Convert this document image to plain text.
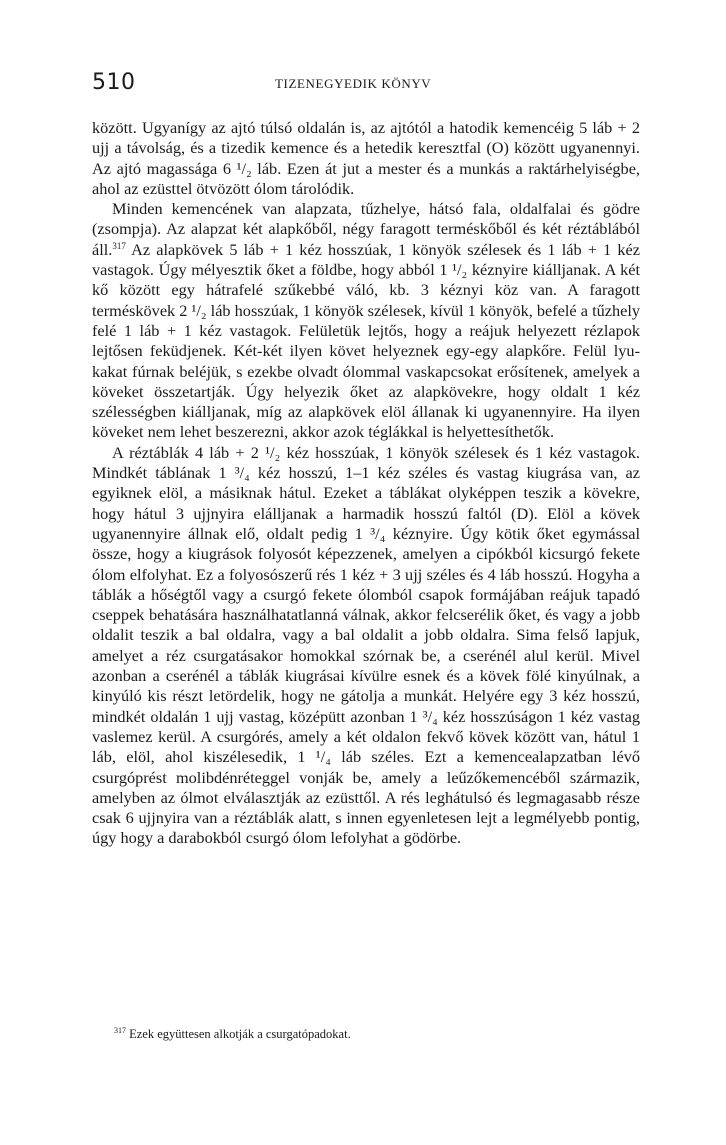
510	TIZENEGYEDIK KÖNYV

között. Ugyanígy az ajtó túlsó oldalán is, az ajtótól a hatodik kemencéig 5 láb + 2 ujj a távolság, és a tizedik kemence és a hetedik keresztfal (O) között ugyanennyi. Az ajtó magassága 6 ¹/₂ láb. Ezen át jut a mester és a munkás a raktárhelyiségbe, ahol az ezüsttel ötvözött ólom tárolódik.

Minden kemencének van alapzata, tűzhelye, hátsó fala, oldalfalai és gödre (zsompja). Az alapzat két alapkőből, négy faragott terméskőből és két réztáblából áll.$^{317}$ Az alapkövek 5 láb + 1 kéz hosszúak, 1 könyök szélesek és 1 láb + 1 kéz vastagok. Úgy mélyesztik őket a földbe, hogy abból 1 ¹/₂ kéznyire kiálljanak. A két kő között egy hátrafelé szűkebbé váló, kb. 3 kéznyi köz van. A faragott terméskövek 2 ¹/₂ láb hosszúak, 1 könyök szélesek, kívül 1 könyök, befelé a tűzhely felé 1 láb + 1 kéz vastagok. Felületük lejtős, hogy a reájuk helyezett rézlapok lejtősen feküdjenek. Két-két ilyen követ helyeznek egy-egy alapkőre. Felül lyukakat fúrnak beléjük, s ezekbe olvadt ólommal vaskapcsokat erősítenek, amelyek a köveket összetartják. Úgy helyezik őket az alapkövekre, hogy oldalt 1 kéz szélességben kiálljanak, míg az alapkövek elöl állanak ki ugyanennyire. Ha ilyen köveket nem lehet beszerezni, akkor azok téglákkal is helyettesíthetők.

A réztáblák 4 láb + 2 ¹/₂ kéz hosszúak, 1 könyök szélesek és 1 kéz vastagok. Mindkét táblának 1 ³/₄ kéz hosszú, 1–1 kéz széles és vastag kiugrása van, az egyiknek elöl, a másiknak hátul. Ezeket a táblákat olyképpen teszik a kövekre, hogy hátul 3 ujjnyira elálljanak a harmadik hosszú faltól (D). Elöl a kövek ugyanennyire állnak elő, oldalt pedig 1 ³/₄ kéznyire. Úgy kötik őket egymással össze, hogy a kiugrások folyosót képezzenek, amelyen a cipókból kicsurgó fekete ólom elfolyhat. Ez a folyosószerű rés 1 kéz + 3 ujj széles és 4 láb hosszú. Hogyha a táblák a hőségtől vagy a csurgó fekete ólomból csapok formájában reájuk tapadó cseppek behatására használhatatlanná válnak, akkor felcserélik őket, és vagy a jobb oldalit teszik a bal oldalra, vagy a bal oldalit a jobb oldalra. Sima felső lapjuk, amelyet a réz csurgatásakor homokkal szórnak be, a cserénél alul kerül. Mivel azonban a cserénél a táblák kiugrásai kívülre esnek és a kövek fölé kinyúlnak, a kinyúló kis részt letördelik, hogy ne gátolja a munkát. Helyére egy 3 kéz hosszú, mindkét oldalán 1 ujj vastag, középütt azonban 1 ³/₄ kéz hosszúságon 1 kéz vastag vaslemez kerül. A csurgórés, amely a két oldalon fekvő kövek között van, hátul 1 láb, elöl, ahol kiszélesedik, 1 ¹/₄ láb széles. Ezt a kemencealapzatban lévő csurgóprést molibdénréteggel vonják be, amely a leűzőkemencéből származik, amelyben az ólmot elválasztják az ezüsttől. A rés leghátulsó és legmagasabb része csak 6 ujjnyira van a réztáblák alatt, s innen egyenletesen lejt a legmélyebb pontig, úgy hogy a darabokból csurgó ólom lefolyhat a gödörbe.

$^{317}$ Ezek együttesen alkotják a csurgatópadokat.
